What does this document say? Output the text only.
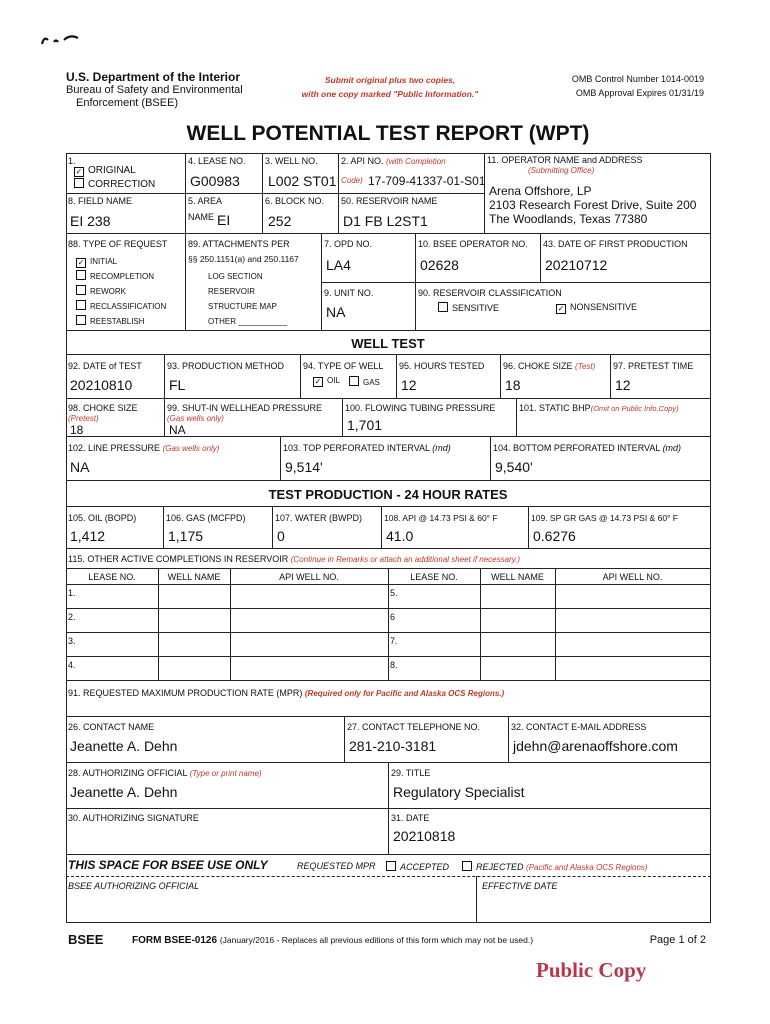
U.S. Department of the Interior
Bureau of Safety and Environmental
Enforcement (BSEE)
Submit original plus two copies,
with one copy marked "Public Information."
OMB Control Number 1014-0019
OMB Approval Expires 01/31/19
WELL POTENTIAL TEST REPORT (WPT)
1.
✓ ORIGINAL
CORRECTION
4. LEASE NO.
G00983
3. WELL NO.
L002 ST01
2. API NO. (with Completion
Code) 17-709-41337-01-S01
11. OPERATOR NAME and ADDRESS
(Submitting Office)
Arena Offshore, LP
2103 Research Forest Drive, Suite 200
The Woodlands, Texas 77380
8. FIELD NAME
EI 238
5. AREA
NAME EI
6. BLOCK NO.
252
50. RESERVOIR NAME
D1 FB L2ST1
88. TYPE OF REQUEST
✓ INITIAL
RECOMPLETION
REWORK
RECLASSIFICATION
REESTABLISH
89. ATTACHMENTS PER
§§ 250.1151(a) and 250.1167
LOG SECTION
RESERVOIR
STRUCTURE MAP
OTHER ___________
7. OPD NO.
LA4
10. BSEE OPERATOR NO.
02628
43. DATE OF FIRST PRODUCTION
20210712
9. UNIT NO.
NA
90. RESERVOIR CLASSIFICATION
SENSITIVE	✓ NONSENSITIVE
WELL TEST
92. DATE of TEST
20210810
93. PRODUCTION METHOD
FL
94. TYPE OF WELL
✓ OIL	GAS
95. HOURS TESTED
12
96. CHOKE SIZE (Test)
18
97. PRETEST TIME
12
98. CHOKE SIZE
(Pretest)
18
99. SHUT-IN WELLHEAD PRESSURE
(Gas wells only)
NA
100. FLOWING TUBING PRESSURE
1,701
101. STATIC BHP(Omit on Public Info.Copy)
102. LINE PRESSURE (Gas wells only)
NA
103. TOP PERFORATED INTERVAL (md)
9,514'
104. BOTTOM PERFORATED INTERVAL (md)
9,540'
TEST PRODUCTION - 24 HOUR RATES
105. OIL (BOPD)
1,412
106. GAS (MCFPD)
1,175
107. WATER (BWPD)
0
108. API @ 14.73 PSI & 60° F
41.0
109. SP GR GAS @ 14.73 PSI & 60° F
0.6276
115. OTHER ACTIVE COMPLETIONS IN RESERVOIR (Continue in Remarks or attach an additional sheet if necessary.)
LEASE NO.	WELL NAME	API WELL NO.	LEASE NO.	WELL NAME	API WELL NO.
1.
2.
3.
4.
5.
6
7.
8.
91. REQUESTED MAXIMUM PRODUCTION RATE (MPR) (Required only for Pacific and Alaska OCS Regions.)
26. CONTACT NAME
Jeanette A. Dehn
27. CONTACT TELEPHONE NO.
281-210-3181
32. CONTACT E-MAIL ADDRESS
jdehn@arenaoffshore.com
28. AUTHORIZING OFFICIAL (Type or print name)
Jeanette A. Dehn
29. TITLE
Regulatory Specialist
30. AUTHORIZING SIGNATURE	31. DATE
20210818
THIS SPACE FOR BSEE USE ONLY	REQUESTED MPR	ACCEPTED	REJECTED (Pacific and Alaska OCS Regions)
BSEE AUTHORIZING OFFICIAL	EFFECTIVE DATE
BSEE	FORM BSEE-0126 (January/2016 - Replaces all previous editions of this form which may not be used.)	Page 1 of 2
Public Copy
